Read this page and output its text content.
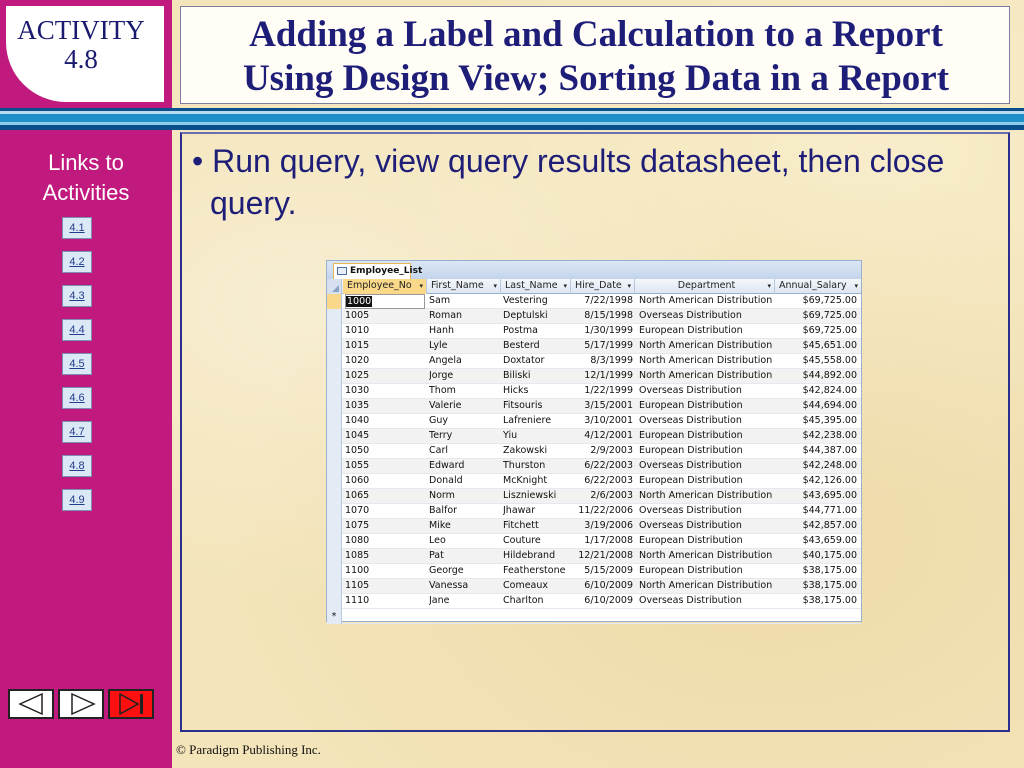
ACTIVITY
4.8
Adding a Label and Calculation to a Report
Using Design View; Sorting Data in a Report
Links to
Activities
4.1
4.2
4.3
4.4
4.5
4.6
4.7
4.8
4.9
• Run query, view query results datasheet, then close query.
Employee_List
Employee_No ▾ First_Name ▾ Last_Name ▾ Hire_Date ▾	Department	▾ Annual_Salary ▾
1000	Sam	Vestering	7/22/1998 North American Distribution	$69,725.00
1005	Roman	Deptulski	8/15/1998 Overseas Distribution	$69,725.00
1010	Hanh	Postma	1/30/1999 European Distribution	$69,725.00
1015	Lyle	Besterd	5/17/1999 North American Distribution	$45,651.00
1020	Angela	Doxtator	8/3/1999 North American Distribution	$45,558.00
1025	Jorge	Biliski	12/1/1999 North American Distribution	$44,892.00
1030	Thom	Hicks	1/22/1999 Overseas Distribution	$42,824.00
1035	Valerie	Fitsouris	3/15/2001 European Distribution	$44,694.00
1040	Guy	Lafreniere	3/10/2001 Overseas Distribution	$45,395.00
1045	Terry	Yiu	4/12/2001 European Distribution	$42,238.00
1050	Carl	Zakowski	2/9/2003 European Distribution	$44,387.00
1055	Edward	Thurston	6/22/2003 Overseas Distribution	$42,248.00
1060	Donald	McKnight	6/22/2003 European Distribution	$42,126.00
1065	Norm	Liszniewski	2/6/2003 North American Distribution	$43,695.00
1070	Balfor	Jhawar	11/22/2006 Overseas Distribution	$44,771.00
1075	Mike	Fitchett	3/19/2006 Overseas Distribution	$42,857.00
1080	Leo	Couture	1/17/2008 European Distribution	$43,659.00
1085	Pat	Hildebrand	12/21/2008 North American Distribution	$40,175.00
1100	George	Featherstone	5/15/2009 European Distribution	$38,175.00
1105	Vanessa	Comeaux	6/10/2009 North American Distribution	$38,175.00
1110	Jane	Charlton	6/10/2009 Overseas Distribution	$38,175.00
*
© Paradigm Publishing Inc.
